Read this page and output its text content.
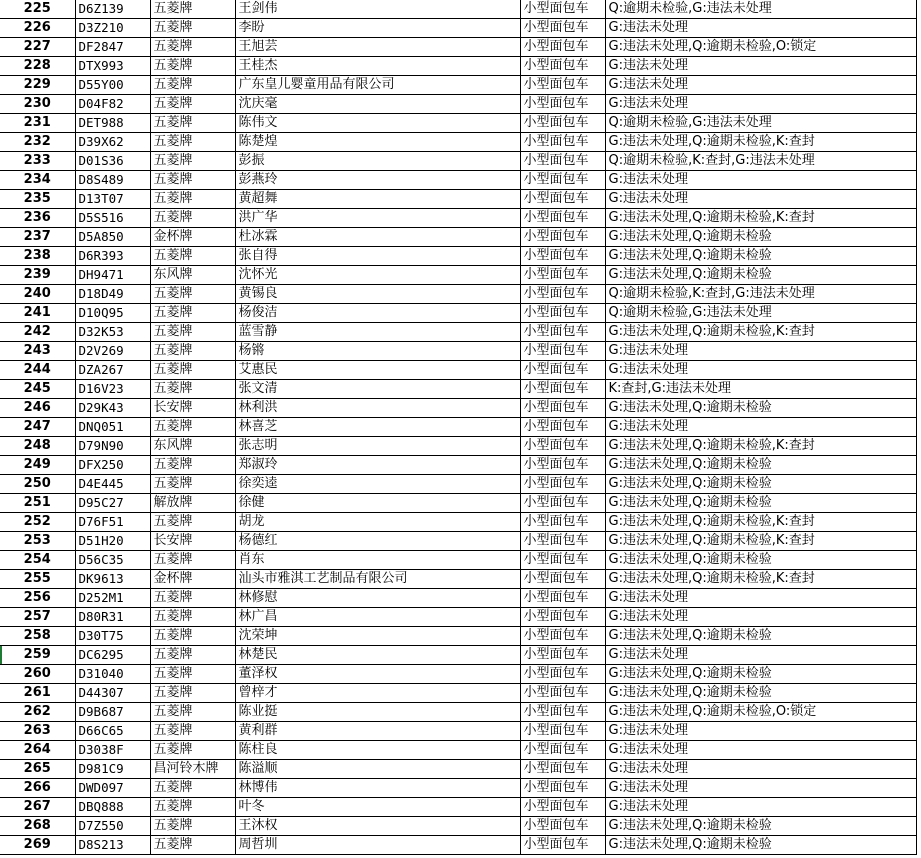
225	D6Z139	五菱牌	王剑伟	小型面包车	Q:逾期未检验,G:违法未处理
226	D3Z210	五菱牌	李盼	小型面包车	G:违法未处理
227	DF2847	五菱牌	王旭芸	小型面包车	G:违法未处理,Q:逾期未检验,O:锁定
228	DTX993	五菱牌	王桂杰	小型面包车	G:违法未处理
229	D55Y00	五菱牌	广东皇儿婴童用品有限公司	小型面包车	G:违法未处理
230	D04F82	五菱牌	沈庆毫	小型面包车	G:违法未处理
231	DET988	五菱牌	陈伟文	小型面包车	Q:逾期未检验,G:违法未处理
232	D39X62	五菱牌	陈楚煌	小型面包车	G:违法未处理,Q:逾期未检验,K:查封
233	D01S36	五菱牌	彭振	小型面包车	Q:逾期未检验,K:查封,G:违法未处理
234	D8S489	五菱牌	彭燕玲	小型面包车	G:违法未处理
235	D13T07	五菱牌	黄超舞	小型面包车	G:违法未处理
236	D5S516	五菱牌	洪广华	小型面包车	G:违法未处理,Q:逾期未检验,K:查封
237	D5A850	金杯牌	杜冰霖	小型面包车	G:违法未处理,Q:逾期未检验
238	D6R393	五菱牌	张自得	小型面包车	G:违法未处理,Q:逾期未检验
239	DH9471	东风牌	沈怀光	小型面包车	G:违法未处理,Q:逾期未检验
240	D18D49	五菱牌	黄锡良	小型面包车	Q:逾期未检验,K:查封,G:违法未处理
241	D10Q95	五菱牌	杨俊洁	小型面包车	Q:逾期未检验,G:违法未处理
242	D32K53	五菱牌	蓝雪静	小型面包车	G:违法未处理,Q:逾期未检验,K:查封
243	D2V269	五菱牌	杨锵	小型面包车	G:违法未处理
244	DZA267	五菱牌	艾惠民	小型面包车	G:违法未处理
245	D16V23	五菱牌	张文清	小型面包车	K:查封,G:违法未处理
246	D29K43	长安牌	林利洪	小型面包车	G:违法未处理,Q:逾期未检验
247	DNQ051	五菱牌	林喜芝	小型面包车	G:违法未处理
248	D79N90	东风牌	张志明	小型面包车	G:违法未处理,Q:逾期未检验,K:查封
249	DFX250	五菱牌	郑淑玲	小型面包车	G:违法未处理,Q:逾期未检验
250	D4E445	五菱牌	徐奕逵	小型面包车	G:违法未处理,Q:逾期未检验
251	D95C27	解放牌	徐健	小型面包车	G:违法未处理,Q:逾期未检验
252	D76F51	五菱牌	胡龙	小型面包车	G:违法未处理,Q:逾期未检验,K:查封
253	D51H20	长安牌	杨德红	小型面包车	G:违法未处理,Q:逾期未检验,K:查封
254	D56C35	五菱牌	肖东	小型面包车	G:违法未处理,Q:逾期未检验
255	DK9613	金杯牌	汕头市雅淇工艺制品有限公司	小型面包车	G:违法未处理,Q:逾期未检验,K:查封
256	D252M1	五菱牌	林修慰	小型面包车	G:违法未处理
257	D80R31	五菱牌	林广昌	小型面包车	G:违法未处理
258	D30T75	五菱牌	沈荣坤	小型面包车	G:违法未处理,Q:逾期未检验
259	DC6295	五菱牌	林楚民	小型面包车	G:违法未处理
260	D31040	五菱牌	董泽权	小型面包车	G:违法未处理,Q:逾期未检验
261	D44307	五菱牌	曾梓才	小型面包车	G:违法未处理,Q:逾期未检验
262	D9B687	五菱牌	陈业挺	小型面包车	G:违法未处理,Q:逾期未检验,O:锁定
263	D66C65	五菱牌	黄利群	小型面包车	G:违法未处理
264	D3038F	五菱牌	陈柱良	小型面包车	G:违法未处理
265	D981C9	昌河铃木牌	陈溢顺	小型面包车	G:违法未处理
266	DWD097	五菱牌	林博伟	小型面包车	G:违法未处理
267	DBQ888	五菱牌	叶冬	小型面包车	G:违法未处理
268	D7Z550	五菱牌	王沐权	小型面包车	G:违法未处理,Q:逾期未检验
269	D8S213	五菱牌	周哲圳	小型面包车	G:违法未处理,Q:逾期未检验
